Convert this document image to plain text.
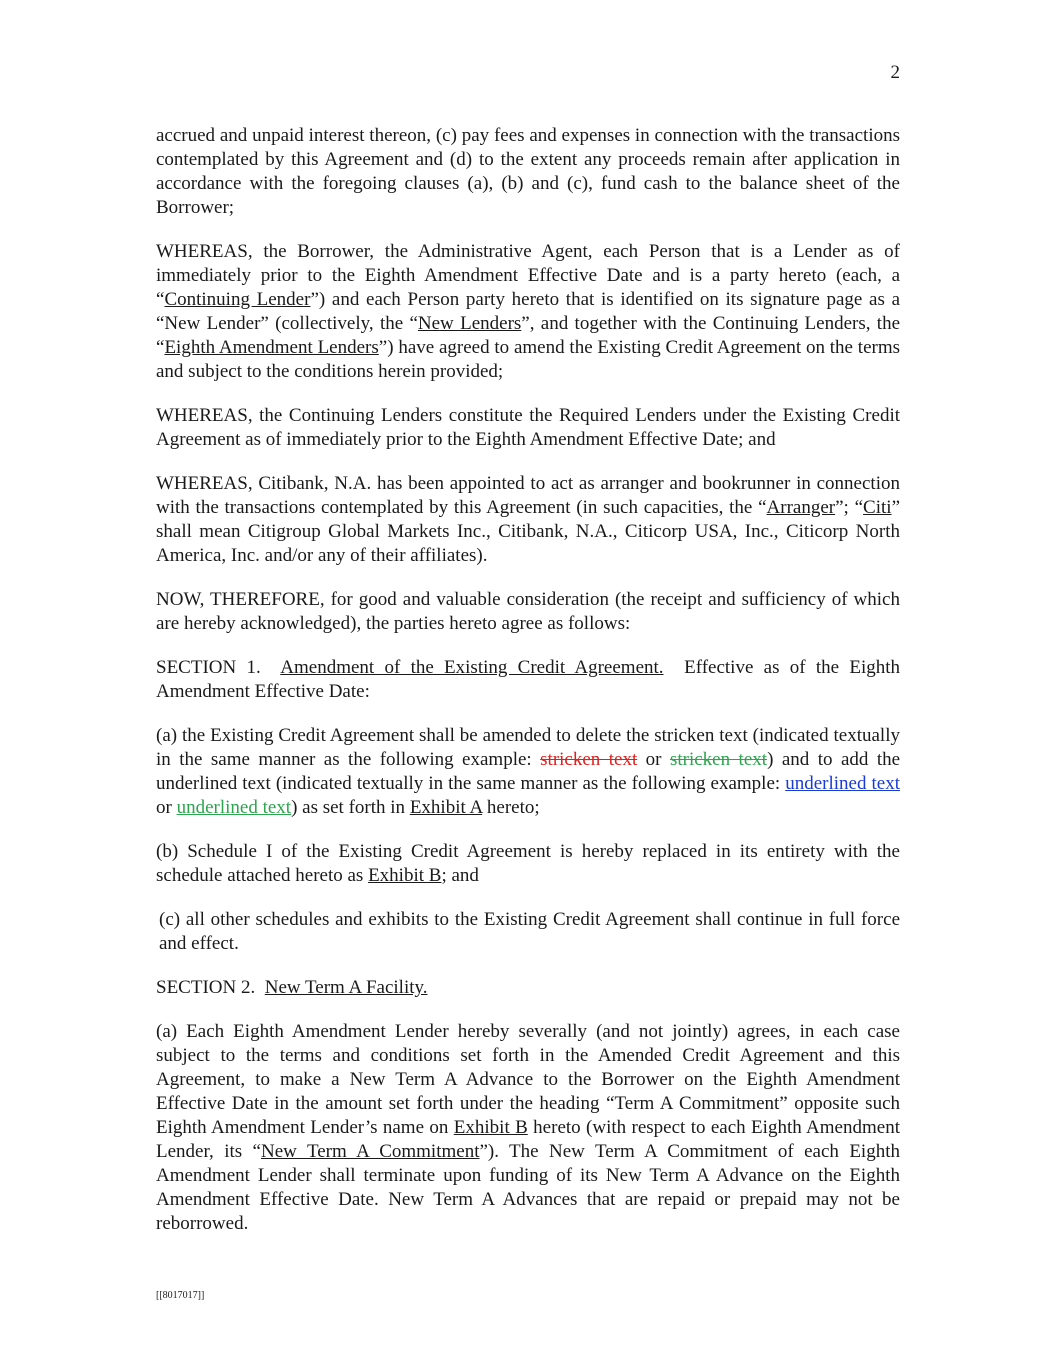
2

accrued and unpaid interest thereon, (c) pay fees and expenses in connection with the transactions contemplated by this Agreement and (d) to the extent any proceeds remain after application in accordance with the foregoing clauses (a), (b) and (c), fund cash to the balance sheet of the Borrower;

WHEREAS, the Borrower, the Administrative Agent, each Person that is a Lender as of immediately prior to the Eighth Amendment Effective Date and is a party hereto (each, a “Continuing Lender”) and each Person party hereto that is identified on its signature page as a “New Lender” (collectively, the “New Lenders”, and together with the Continuing Lenders, the “Eighth Amendment Lenders”) have agreed to amend the Existing Credit Agreement on the terms and subject to the conditions herein provided;

WHEREAS, the Continuing Lenders constitute the Required Lenders under the Existing Credit Agreement as of immediately prior to the Eighth Amendment Effective Date; and

WHEREAS, Citibank, N.A. has been appointed to act as arranger and bookrunner in connection with the transactions contemplated by this Agreement (in such capacities, the “Arranger”; “Citi” shall mean Citigroup Global Markets Inc., Citibank, N.A., Citicorp USA, Inc., Citicorp North America, Inc. and/or any of their affiliates).

NOW, THEREFORE, for good and valuable consideration (the receipt and sufficiency of which are hereby acknowledged), the parties hereto agree as follows:

SECTION 1. Amendment of the Existing Credit Agreement. Effective as of the Eighth Amendment Effective Date:

(a) the Existing Credit Agreement shall be amended to delete the stricken text (indicated textually in the same manner as the following example: stricken text or stricken text) and to add the underlined text (indicated textually in the same manner as the following example: underlined text or underlined text) as set forth in Exhibit A hereto;

(b) Schedule I of the Existing Credit Agreement is hereby replaced in its entirety with the schedule attached hereto as Exhibit B; and

(c) all other schedules and exhibits to the Existing Credit Agreement shall continue in full force and effect.

SECTION 2. New Term A Facility.

(a) Each Eighth Amendment Lender hereby severally (and not jointly) agrees, in each case subject to the terms and conditions set forth in the Amended Credit Agreement and this Agreement, to make a New Term A Advance to the Borrower on the Eighth Amendment Effective Date in the amount set forth under the heading “Term A Commitment” opposite such Eighth Amendment Lender’s name on Exhibit B hereto (with respect to each Eighth Amendment Lender, its “New Term A Commitment”). The New Term A Commitment of each Eighth Amendment Lender shall terminate upon funding of its New Term A Advance on the Eighth Amendment Effective Date. New Term A Advances that are repaid or prepaid may not be reborrowed.

[[8017017]]
